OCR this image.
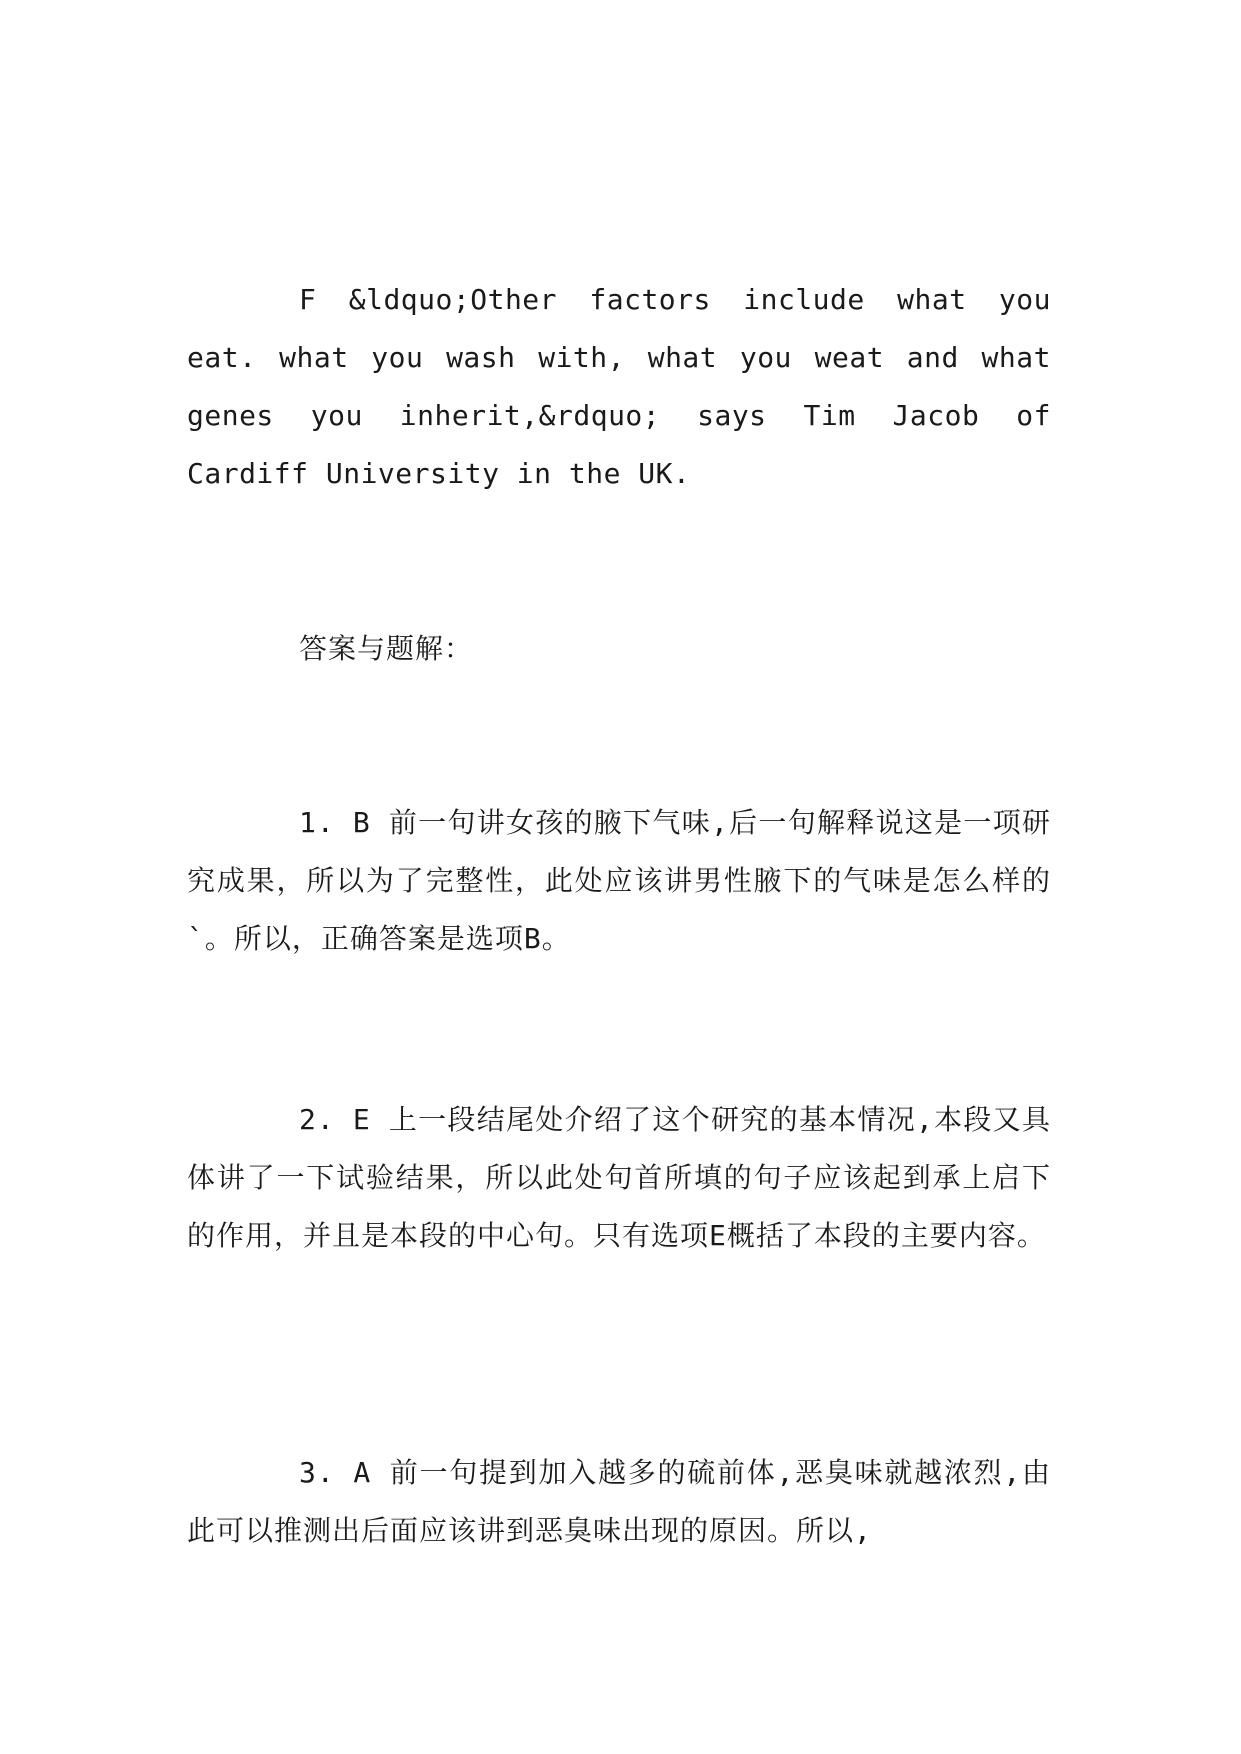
F &ldquo;Other factors include what you eat. what you wash with, what you weat and what genes you inherit,&rdquo; says Tim Jacob of Cardiff University in the UK.

答案与题解：

1. B 前一句讲女孩的腋下气味,后一句解释说这是一项研究成果，所以为了完整性，此处应该讲男性腋下的气味是怎么样的`。所以，正确答案是选项B。

2. E 上一段结尾处介绍了这个研究的基本情况,本段又具体讲了一下试验结果，所以此处句首所填的句子应该起到承上启下的作用，并且是本段的中心句。只有选项E概括了本段的主要内容。

3. A 前一句提到加入越多的硫前体,恶臭味就越浓烈,由此可以推测出后面应该讲到恶臭味出现的原因。所以,
